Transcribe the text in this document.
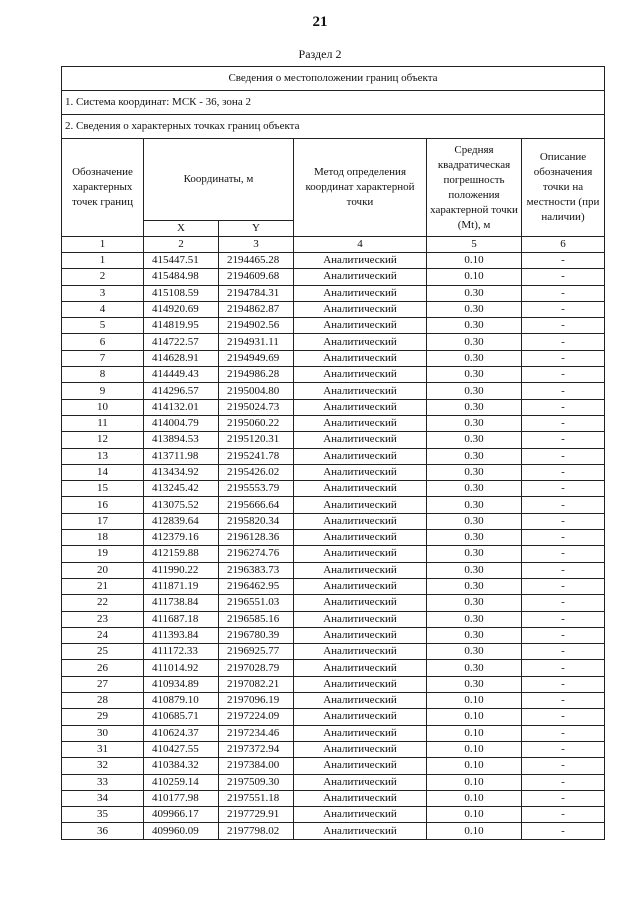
21
Раздел 2
Сведения о местоположении границ объекта					
1. Система координат: МСК - 36, зона 2					
2. Сведения о характерных точках границ объекта					
Обозначение характерных точек границ	Координаты, м		Метод определения координат характерной точки	Средняя квадратическая погрешность положения характерной точки (Mt), м	Описание обозначения точки на местности (при наличии)
	X	Y			
1	2	3	4	5	6
1	415447.51	2194465.28	Аналитический	0.10	-
2	415484.98	2194609.68	Аналитический	0.10	-
3	415108.59	2194784.31	Аналитический	0.30	-
4	414920.69	2194862.87	Аналитический	0.30	-
5	414819.95	2194902.56	Аналитический	0.30	-
6	414722.57	2194931.11	Аналитический	0.30	-
7	414628.91	2194949.69	Аналитический	0.30	-
8	414449.43	2194986.28	Аналитический	0.30	-
9	414296.57	2195004.80	Аналитический	0.30	-
10	414132.01	2195024.73	Аналитический	0.30	-
11	414004.79	2195060.22	Аналитический	0.30	-
12	413894.53	2195120.31	Аналитический	0.30	-
13	413711.98	2195241.78	Аналитический	0.30	-
14	413434.92	2195426.02	Аналитический	0.30	-
15	413245.42	2195553.79	Аналитический	0.30	-
16	413075.52	2195666.64	Аналитический	0.30	-
17	412839.64	2195820.34	Аналитический	0.30	-
18	412379.16	2196128.36	Аналитический	0.30	-
19	412159.88	2196274.76	Аналитический	0.30	-
20	411990.22	2196383.73	Аналитический	0.30	-
21	411871.19	2196462.95	Аналитический	0.30	-
22	411738.84	2196551.03	Аналитический	0.30	-
23	411687.18	2196585.16	Аналитический	0.30	-
24	411393.84	2196780.39	Аналитический	0.30	-
25	411172.33	2196925.77	Аналитический	0.30	-
26	411014.92	2197028.79	Аналитический	0.30	-
27	410934.89	2197082.21	Аналитический	0.30	-
28	410879.10	2197096.19	Аналитический	0.10	-
29	410685.71	2197224.09	Аналитический	0.10	-
30	410624.37	2197234.46	Аналитический	0.10	-
31	410427.55	2197372.94	Аналитический	0.10	-
32	410384.32	2197384.00	Аналитический	0.10	-
33	410259.14	2197509.30	Аналитический	0.10	-
34	410177.98	2197551.18	Аналитический	0.10	-
35	409966.17	2197729.91	Аналитический	0.10	-
36	409960.09	2197798.02	Аналитический	0.10	-
